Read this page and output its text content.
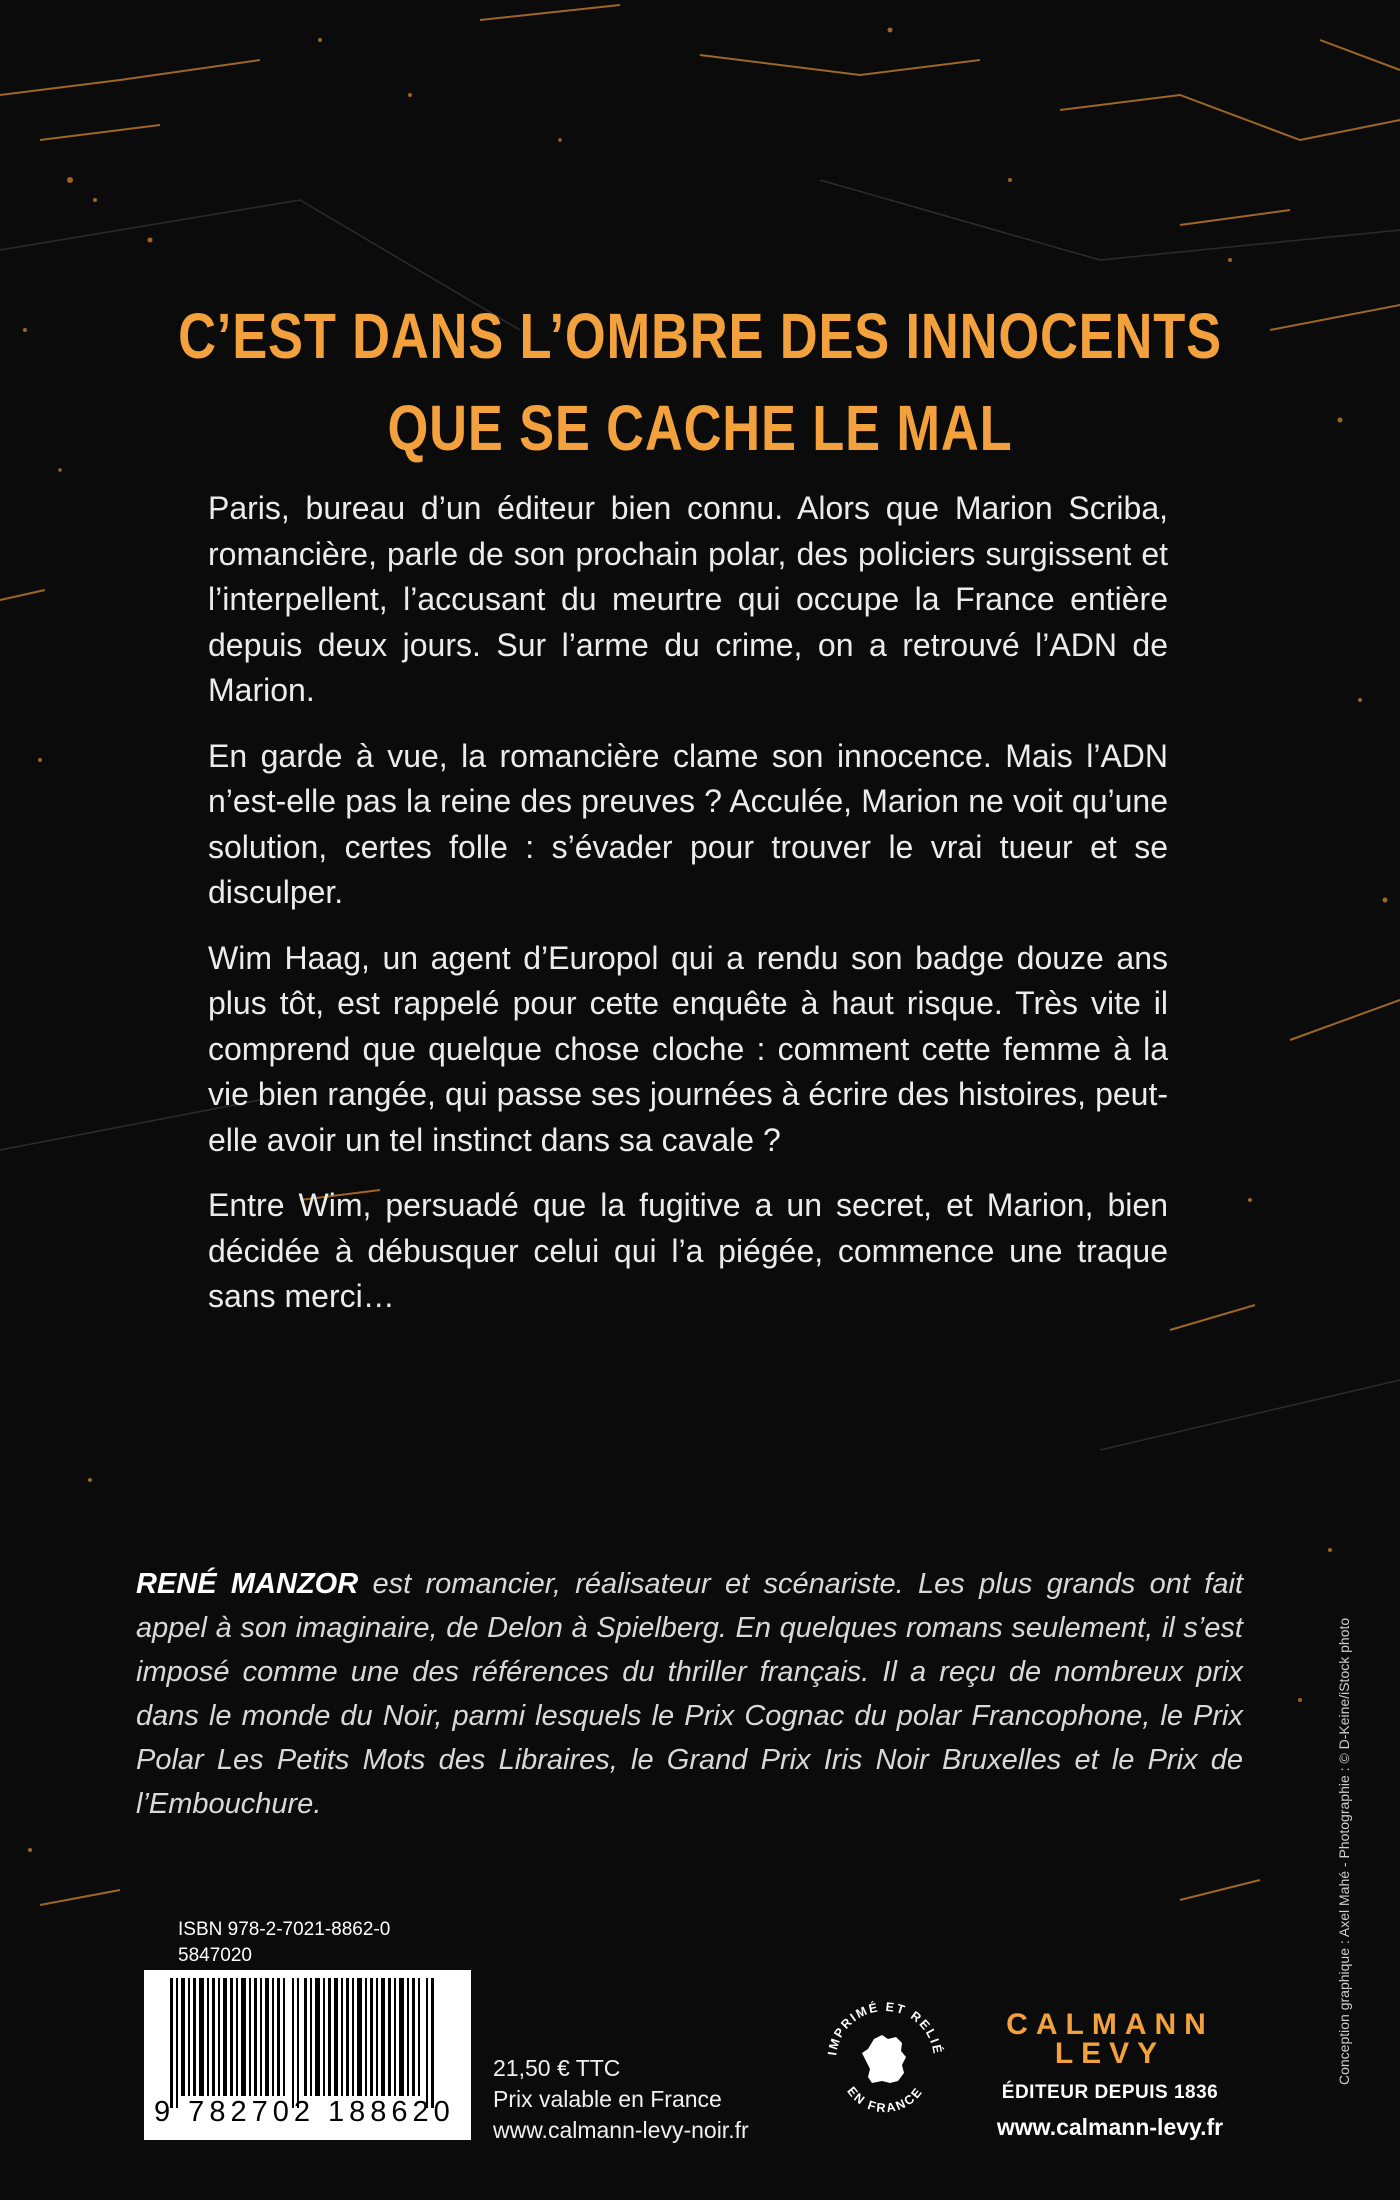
C’EST DANS L’OMBRE DES INNOCENTS
QUE SE CACHE LE MAL

Paris, bureau d’un éditeur bien connu. Alors que Marion Scriba, romancière, parle de son prochain polar, des policiers surgissent et l’interpellent, l’accusant du meurtre qui occupe la France entière depuis deux jours. Sur l’arme du crime, on a retrouvé l’ADN de Marion.

En garde à vue, la romancière clame son innocence. Mais l’ADN n’est-elle pas la reine des preuves ? Acculée, Marion ne voit qu’une solution, certes folle : s’évader pour trouver le vrai tueur et se disculper.

Wim Haag, un agent d’Europol qui a rendu son badge douze ans plus tôt, est rappelé pour cette enquête à haut risque. Très vite il comprend que quelque chose cloche : comment cette femme à la vie bien rangée, qui passe ses journées à écrire des histoires, peut-elle avoir un tel instinct dans sa cavale ?

Entre Wim, persuadé que la fugitive a un secret, et Marion, bien décidée à débusquer celui qui l’a piégée, commence une traque sans merci…

RENÉ MANZOR est romancier, réalisateur et scénariste. Les plus grands ont fait appel à son imaginaire, de Delon à Spielberg. En quelques romans seulement, il s’est imposé comme une des références du thriller français. Il a reçu de nombreux prix dans le monde du Noir, parmi lesquels le Prix Cognac du polar Francophone, le Prix Polar Les Petits Mots des Libraires, le Grand Prix Iris Noir Bruxelles et le Prix de l’Embouchure.	Conception graphique : Axel Mahé - Photographie : © D-Keine/iStock photo
ISBN 978-2-7021-8862-0
5847020
9 782702 188620
21,50 € TTC
Prix valable en France
www.calmann-levy-noir.fr
IMPRIMÉ ET RELIÉ
EN FRANCE
CALMANN
LEVY
ÉDITEUR DEPUIS 1836
www.calmann-levy.fr
